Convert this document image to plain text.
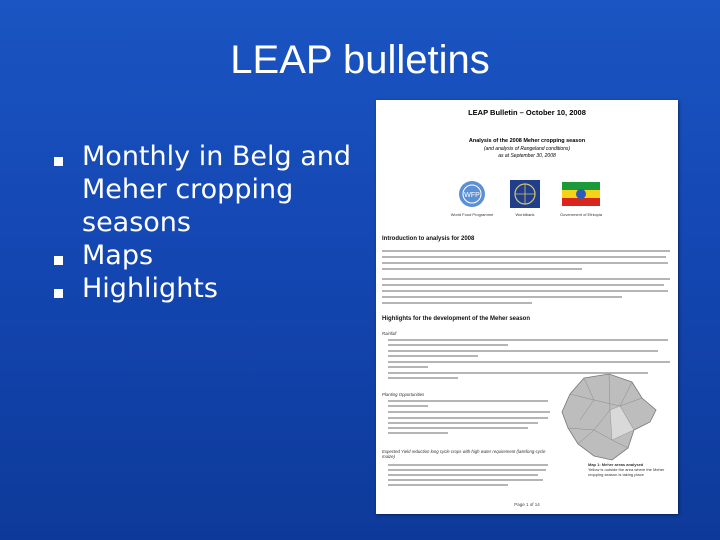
LEAP bulletins
Monthly in Belg and Meher cropping seasons
Maps
Highlights
LEAP Bulletin – October 10, 2008
Analysis of the 2008 Meher cropping season
(and analysis of Rangeland conditions)
as at September 30, 2008
WFP
World Food Programme	Worldbank	Government of Ethiopia
Introduction to analysis for 2008
Highlights for the development of the Meher season
Rainfall
Planting Opportunities
Expected Yield reduction long cycle crops with high water requirement (late/long-cycle maize)
Map 1: Meher areas analysed
Yellow is outside the area where the Meher cropping season is taking place
Page 1 of 14
